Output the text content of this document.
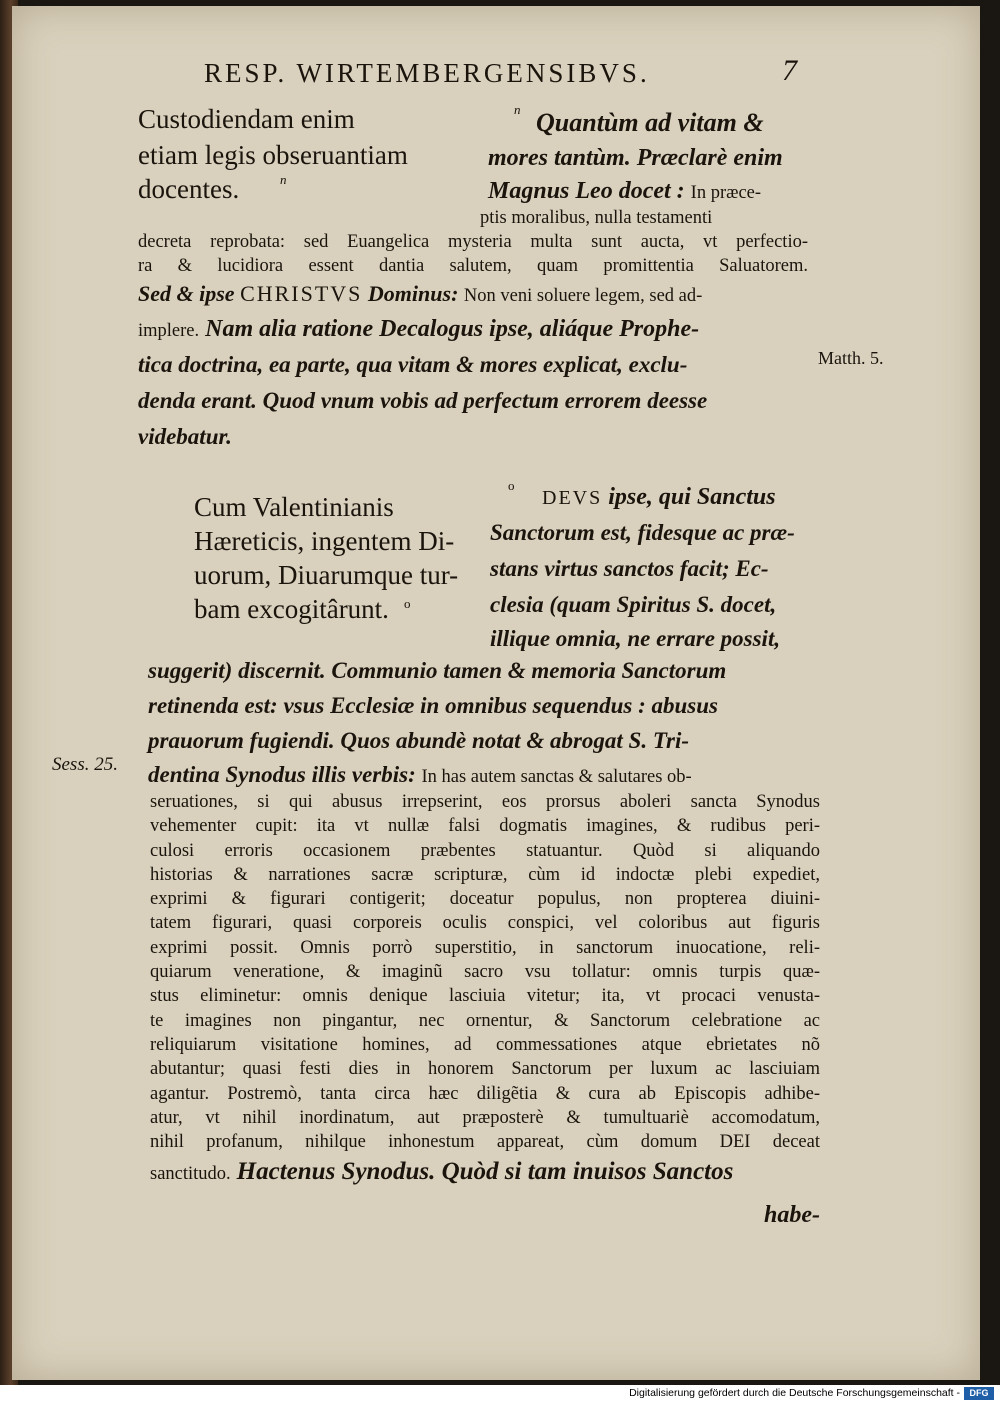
RESP. WIRTEMBERGENSIBVS.	7
Custodiendam enim
etiam legis obseruantiam
docentes.	n
n Quantùm ad vitam &
mores tantùm. Præclarè enim
Magnus Leo docet : In præce-
ptis moralibus, nulla testamenti
decreta reprobata: sed Euangelica mysteria multa sunt aucta, vt perfectio-
ra & lucidiora essent dantia salutem, quam promittentia Saluatorem.
Sed & ipse CHRISTVS Dominus: Non veni soluere legem, sed ad-
implere. Nam alia ratione Decalogus ipse, aliáque Prophe-
tica doctrina, ea parte, qua vitam & mores explicat, exclu-
denda erant. Quod vnum vobis ad perfectum errorem deesse
videbatur.
Matth. 5.
Cum Valentinianis
Hæreticis, ingentem Di-
uorum, Diuarumque tur-
bam excogitârunt. o
o
DEVS ipse, qui Sanctus
Sanctorum est, fidesque ac præ-
stans virtus sanctos facit; Ec-
clesia (quam Spiritus S. docet,
illique omnia, ne errare possit,
suggerit) discernit. Communio tamen & memoria Sanctorum
retinenda est: vsus Ecclesiæ in omnibus sequendus : abusus
prauorum fugiendi. Quos abundè notat & abrogat S. Tri-
dentina Synodus illis verbis: In has autem sanctas & salutares ob-
Sess. 25.
seruationes, si qui abusus irrepserint, eos prorsus aboleri sancta Synodus
vehementer cupit: ita vt nullæ falsi dogmatis imagines, & rudibus peri-
culosi erroris occasionem præbentes statuantur. Quòd si aliquando
historias & narrationes sacræ scripturæ, cùm id indoctæ plebi expediet,
exprimi & figurari contigerit; doceatur populus, non propterea diuini-
tatem figurari, quasi corporeis oculis conspici, vel coloribus aut figuris
exprimi possit. Omnis porrò superstitio, in sanctorum inuocatione, reli-
quiarum veneratione, & imaginũ sacro vsu tollatur: omnis turpis quæ-
stus eliminetur: omnis denique lasciuia vitetur; ita, vt procaci venusta-
te imagines non pingantur, nec ornentur, & Sanctorum celebratione ac
reliquiarum visitatione homines, ad commessationes atque ebrietates nõ
abutantur; quasi festi dies in honorem Sanctorum per luxum ac lasciuiam
agantur. Postremò, tanta circa hæc diligẽtia & cura ab Episcopis adhibe-
atur, vt nihil inordinatum, aut præposterè & tumultuariè accomodatum,
nihil profanum, nihilque inhonestum appareat, cùm domum DEI deceat
sanctitudo. Hactenus Synodus. Quòd si tam inuisos Sanctos
habe-
Digitalisierung gefördert durch die Deutsche Forschungsgemeinschaft -	DFG
